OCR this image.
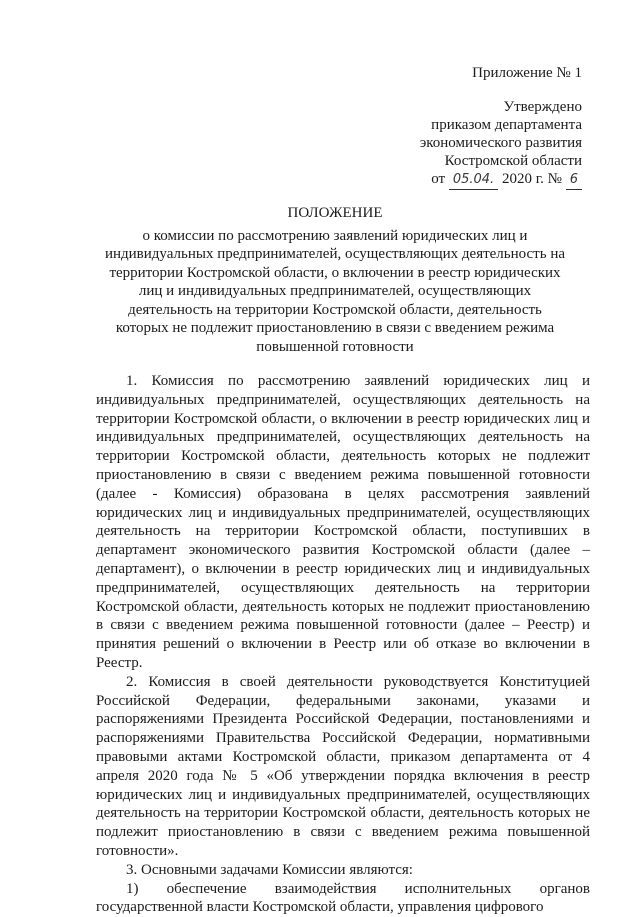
Приложение № 1
Утверждено
приказом департамента
экономического развития
Костромской области
от 05.04. 2020 г. № 6
ПОЛОЖЕНИЕ
о комиссии по рассмотрению заявлений юридических лиц и индивидуальных предпринимателей, осуществляющих деятельность на территории Костромской области, о включении в реестр юридических лиц и индивидуальных предпринимателей, осуществляющих деятельность на территории Костромской области, деятельность которых не подлежит приостановлению в связи с введением режима повышенной готовности

1. Комиссия по рассмотрению заявлений юридических лиц и индивидуальных предпринимателей, осуществляющих деятельность на территории Костромской области, о включении в реестр юридических лиц и индивидуальных предпринимателей, осуществляющих деятельность на территории Костромской области, деятельность которых не подлежит приостановлению в связи с введением режима повышенной готовности (далее - Комиссия) образована в целях рассмотрения заявлений юридических лиц и индивидуальных предпринимателей, осуществляющих деятельность на территории Костромской области, поступивших в департамент экономического развития Костромской области (далее – департамент), о включении в реестр юридических лиц и индивидуальных предпринимателей, осуществляющих деятельность на территории Костромской области, деятельность которых не подлежит приостановлению в связи с введением режима повышенной готовности (далее – Реестр) и принятия решений о включении в Реестр или об отказе во включении в Реестр.

2. Комиссия в своей деятельности руководствуется Конституцией Российской Федерации, федеральными законами, указами и распоряжениями Президента Российской Федерации, постановлениями и распоряжениями Правительства Российской Федерации, нормативными правовыми актами Костромской области, приказом департамента от 4 апреля 2020 года № 5 «Об утверждении порядка включения в реестр юридических лиц и индивидуальных предпринимателей, осуществляющих деятельность на территории Костромской области, деятельность которых не подлежит приостановлению в связи с введением режима повышенной готовности».

3. Основными задачами Комиссии являются:

1) обеспечение взаимодействия исполнительных органов государственной власти Костромской области, управления цифрового
